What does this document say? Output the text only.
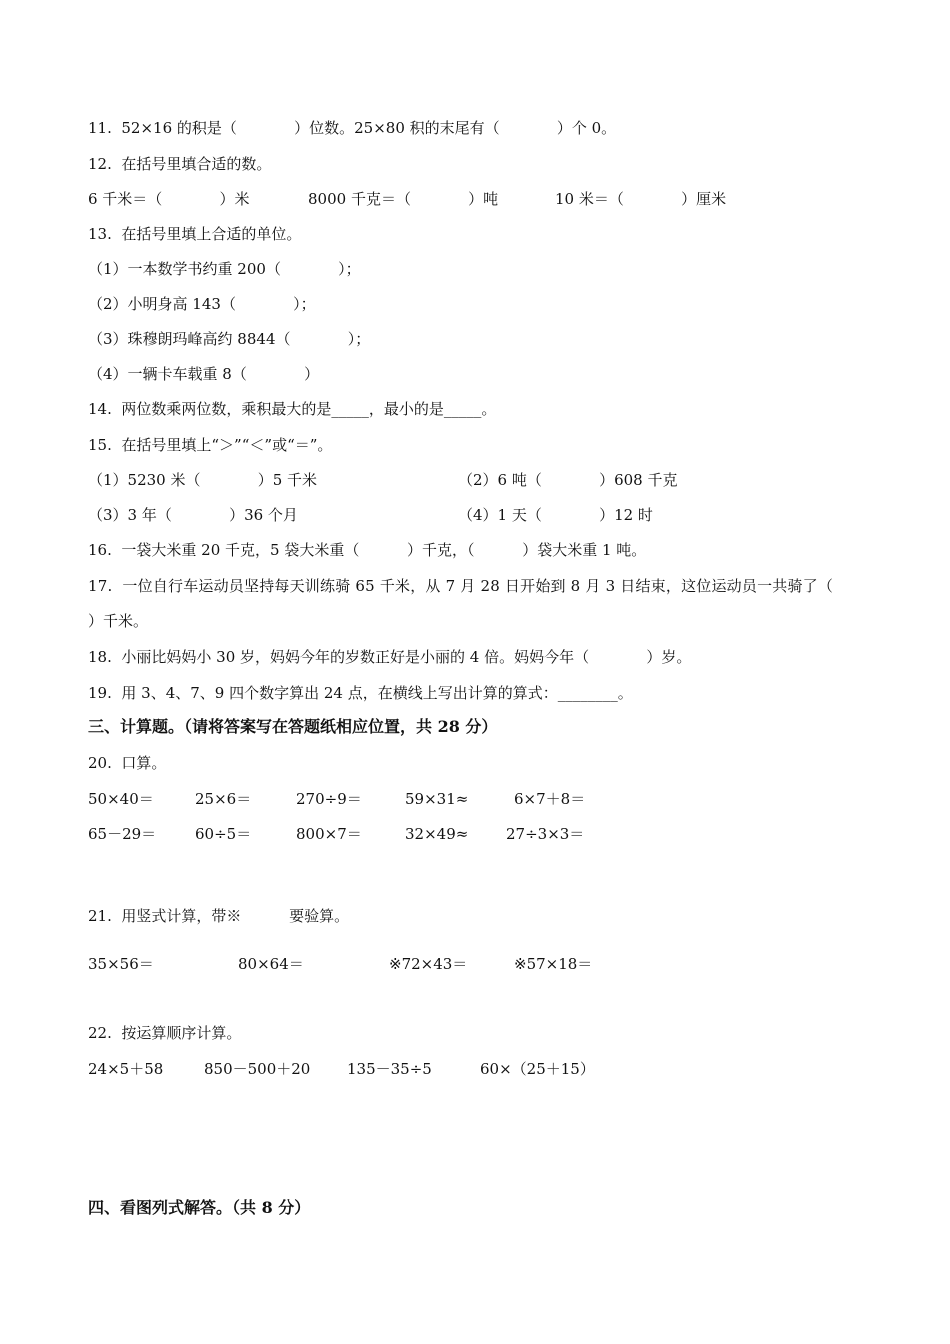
11.  52×16 的积是（            ）位数。25×80 积的末尾有（            ）个 0。
12.  在括号里填合适的数。
6 千米＝（            ）米	8000 千克＝（            ）吨	10 米＝（            ）厘米
13.  在括号里填上合适的单位。
（1）一本数学书约重 200（            ）；
（2）小明身高 143（            ）；
（3）珠穆朗玛峰高约 8844（            ）；
（4）一辆卡车载重 8（            ）
14.  两位数乘两位数，乘积最大的是_____，最小的是_____。
15.  在括号里填上“＞”“＜”或“＝”。
（1）5230 米（            ）5 千米	（2）6 吨（            ）608 千克
（3）3 年（            ）36 个月	（4）1 天（            ）12 时
16.  一袋大米重 20 千克，5 袋大米重（          ）千克，（          ）袋大米重 1 吨。
17.  一位自行车运动员坚持每天训练骑 65 千米，从 7 月 28 日开始到 8 月 3 日结束，这位运动员一共骑了（
）千米。
18.  小丽比妈妈小 30 岁，妈妈今年的岁数正好是小丽的 4 倍。妈妈今年（            ）岁。
19.  用 3、4、7、9 四个数字算出 24 点，在横线上写出计算的算式：________。
三、计算题。（请将答案写在答题纸相应位置，共 28 分）
20.  口算。
50×40＝	25×6＝	270÷9＝	59×31≈	6×7＋8＝
65－29＝	60÷5＝	800×7＝	32×49≈	27÷3×3＝
21.  用竖式计算，带※          要验算。
35×56＝	80×64＝	※72×43＝	※57×18＝
22.  按运算顺序计算。
24×5＋58	850－500＋20 135－35÷5	60×（25＋15）
四、看图列式解答。（共 8 分）
